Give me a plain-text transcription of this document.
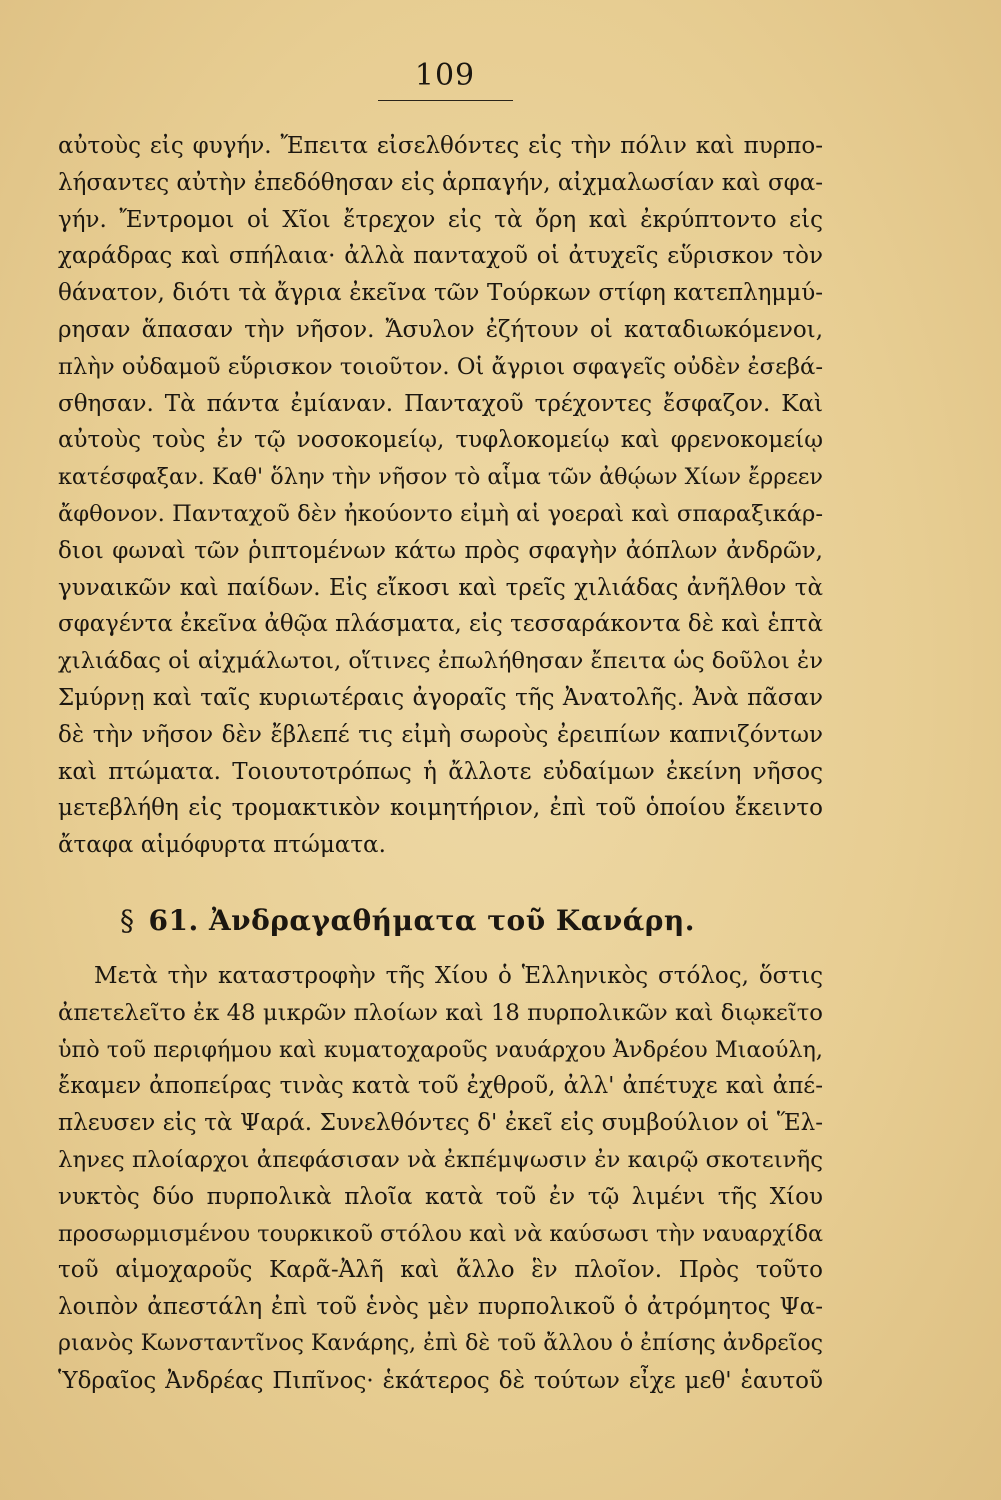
109
αὐτοὺς εἰς φυγήν. Ἔπειτα εἰσελθόντες εἰς τὴν πόλιν καὶ πυρπο-
λήσαντες αὐτὴν ἐπεδόθησαν εἰς ἁρπαγήν, αἰχμαλωσίαν καὶ σφα-
γήν. Ἔντρομοι οἱ Χῖοι ἔτρεχον εἰς τὰ ὄρη καὶ ἐκρύπτοντο εἰς
χαράδρας καὶ σπήλαια· ἀλλὰ πανταχοῦ οἱ ἀτυχεῖς εὕρισκον τὸν
θάνατον, διότι τὰ ἄγρια ἐκεῖνα τῶν Τούρκων στίφη κατεπλημμύ-
ρησαν ἅπασαν τὴν νῆσον. Ἄσυλον ἐζήτουν οἱ καταδιωκόμενοι,
πλὴν οὐδαμοῦ εὕρισκον τοιοῦτον. Οἱ ἄγριοι σφαγεῖς οὐδὲν ἐσεβά-
σθησαν. Τὰ πάντα ἐμίαναν. Πανταχοῦ τρέχοντες ἔσφαζον. Καὶ
αὐτοὺς τοὺς ἐν τῷ νοσοκομείῳ, τυφλοκομείῳ καὶ φρενοκομείῳ
κατέσφαξαν. Καθ' ὅλην τὴν νῆσον τὸ αἷμα τῶν ἀθῴων Χίων ἔρρεεν
ἄφθονον. Πανταχοῦ δὲν ἠκούοντο εἰμὴ αἱ γοεραὶ καὶ σπαραξικάρ-
διοι φωναὶ τῶν ῥιπτομένων κάτω πρὸς σφαγὴν ἀόπλων ἀνδρῶν,
γυναικῶν καὶ παίδων. Εἰς εἴκοσι καὶ τρεῖς χιλιάδας ἀνῆλθον τὰ
σφαγέντα ἐκεῖνα ἀθῷα πλάσματα, εἰς τεσσαράκοντα δὲ καὶ ἑπτὰ
χιλιάδας οἱ αἰχμάλωτοι, οἵτινες ἐπωλήθησαν ἔπειτα ὡς δοῦλοι ἐν
Σμύρνῃ καὶ ταῖς κυριωτέραις ἀγοραῖς τῆς Ἀνατολῆς. Ἀνὰ πᾶσαν
δὲ τὴν νῆσον δὲν ἔβλεπέ τις εἰμὴ σωροὺς ἐρειπίων καπνιζόντων
καὶ πτώματα. Τοιουτοτρόπως ἡ ἄλλοτε εὐδαίμων ἐκείνη νῆσος
μετεβλήθη εἰς τρομακτικὸν κοιμητήριον, ἐπὶ τοῦ ὁποίου ἔκειντο
ἄταφα αἱμόφυρτα πτώματα.
§ 61. Ἀνδραγαθήματα τοῦ Κανάρη.
Μετὰ τὴν καταστροφὴν τῆς Χίου ὁ Ἑλληνικὸς στόλος, ὅστις
ἀπετελεῖτο ἐκ 48 μικρῶν πλοίων καὶ 18 πυρπολικῶν καὶ διῳκεῖτο
ὑπὸ τοῦ περιφήμου καὶ κυματοχαροῦς ναυάρχου Ἀνδρέου Μιαούλη,
ἔκαμεν ἀποπείρας τινὰς κατὰ τοῦ ἐχθροῦ, ἀλλ' ἀπέτυχε καὶ ἀπέ-
πλευσεν εἰς τὰ Ψαρά. Συνελθόντες δ' ἐκεῖ εἰς συμβούλιον οἱ Ἕλ-
ληνες πλοίαρχοι ἀπεφάσισαν νὰ ἐκπέμψωσιν ἐν καιρῷ σκοτεινῆς
νυκτὸς δύο πυρπολικὰ πλοῖα κατὰ τοῦ ἐν τῷ λιμένι τῆς Χίου
προσωρμισμένου τουρκικοῦ στόλου καὶ νὰ καύσωσι τὴν ναυαρχίδα
τοῦ αἱμοχαροῦς Καρᾶ-Ἀλῆ καὶ ἄλλο ἓν πλοῖον. Πρὸς τοῦτο
λοιπὸν ἀπεστάλη ἐπὶ τοῦ ἑνὸς μὲν πυρπολικοῦ ὁ ἀτρόμητος Ψα-
ριανὸς Κωνσταντῖνος Κανάρης, ἐπὶ δὲ τοῦ ἄλλου ὁ ἐπίσης ἀνδρεῖος
Ὑδραῖος Ἀνδρέας Πιπῖνος· ἑκάτερος δὲ τούτων εἶχε μεθ' ἑαυτοῦ
